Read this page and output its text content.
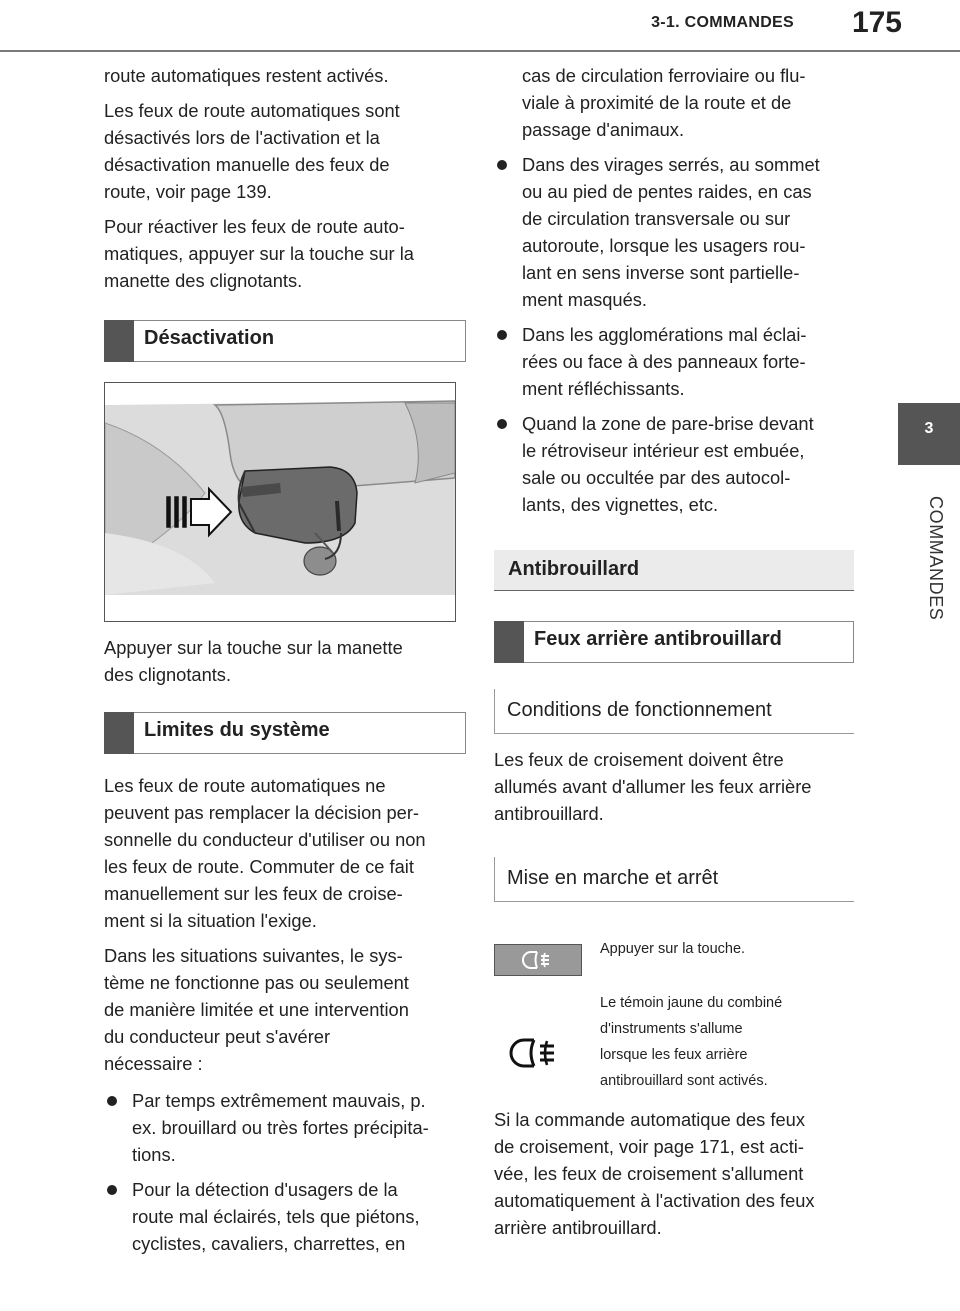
3-1. COMMANDES	175
3
COMMANDES

route automatiques restent activés.

Les feux de route automatiques sont
désactivés lors de l'activation et la
désactivation manuelle des feux de
route, voir page 139.

Pour réactiver les feux de route auto-
matiques, appuyer sur la touche sur la
manette des clignotants.

Désactivation

Appuyer sur la touche sur la manette
des clignotants.

Limites du système

Les feux de route automatiques ne
peuvent pas remplacer la décision per-
sonnelle du conducteur d'utiliser ou non
les feux de route. Commuter de ce fait
manuellement sur les feux de croise-
ment si la situation l'exige.

Dans les situations suivantes, le sys-
tème ne fonctionne pas ou seulement
de manière limitée et une intervention
du conducteur peut s'avérer
nécessaire :

Par temps extrêmement mauvais, p.
ex. brouillard ou très fortes précipita-
tions.
Pour la détection d'usagers de la
route mal éclairés, tels que piétons,
cyclistes, cavaliers, charrettes, en

cas de circulation ferroviaire ou flu-
viale à proximité de la route et de
passage d'animaux.

Dans des virages serrés, au sommet
ou au pied de pentes raides, en cas
de circulation transversale ou sur
autoroute, lorsque les usagers rou-
lant en sens inverse sont partielle-
ment masqués.
Dans les agglomérations mal éclai-
rées ou face à des panneaux forte-
ment réfléchissants.
Quand la zone de pare-brise devant
le rétroviseur intérieur est embuée,
sale ou occultée par des autocol-
lants, des vignettes, etc.
Antibrouillard
Feux arrière antibrouillard
Conditions de fonctionnement

Les feux de croisement doivent être
allumés avant d'allumer les feux arrière
antibrouillard.

Mise en marche et arrêt
Appuyer sur la touche.
Le témoin jaune du combiné
d'instruments s'allume
lorsque les feux arrière
antibrouillard sont activés.

Si la commande automatique des feux
de croisement, voir page 171, est acti-
vée, les feux de croisement s'allument
automatiquement à l'activation des feux
arrière antibrouillard.
